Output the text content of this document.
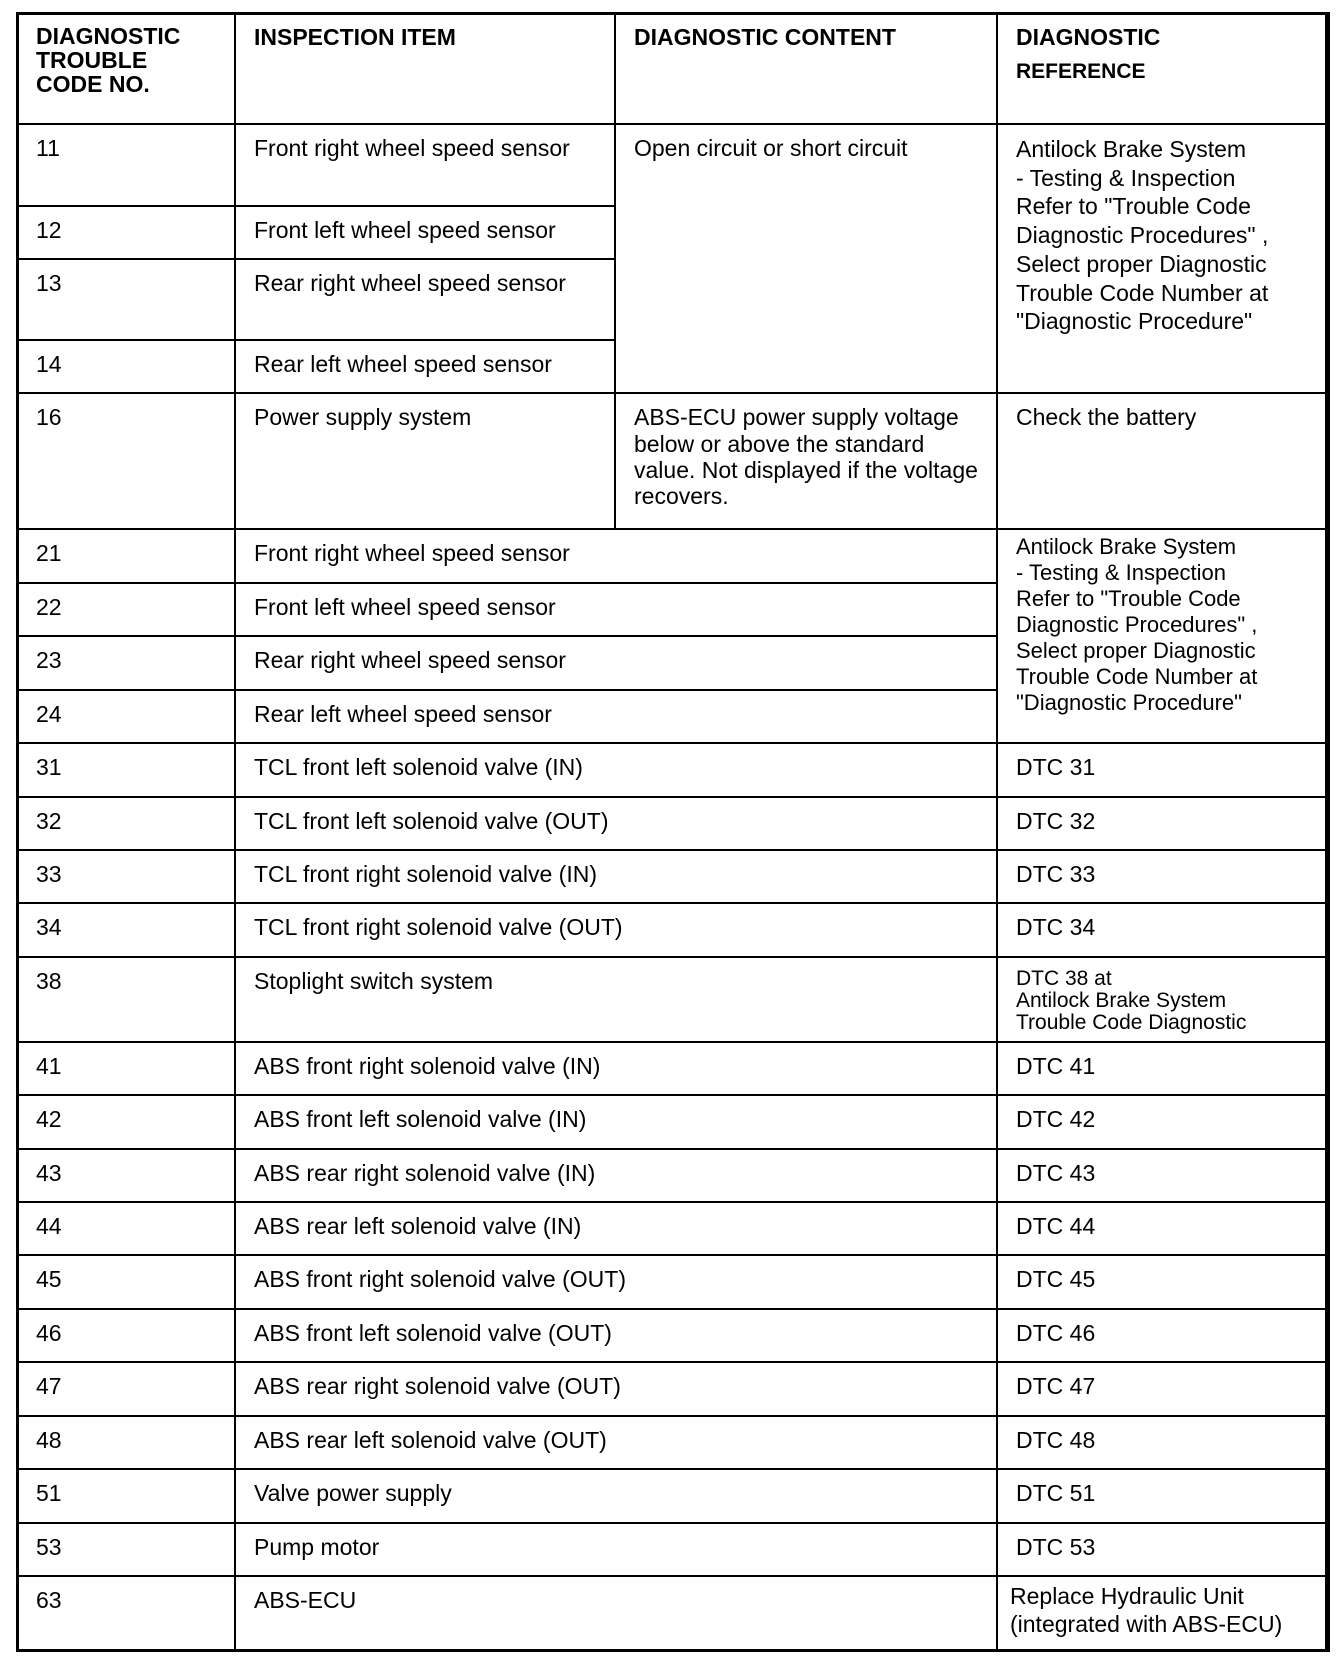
DIAGNOSTIC
TROUBLE
CODE NO.	INSPECTION ITEM	DIAGNOSTIC CONTENT	DIAGNOSTIC
REFERENCE

11	Front right wheel speed sensor	Open circuit or short circuit	Antilock Brake System
- Testing & Inspection
Refer to "Trouble Code Diagnostic Procedures" ,
Select proper Diagnostic Trouble Code Number at "Diagnostic Procedure"
12	Front left wheel speed sensor		
13	Rear right wheel speed sensor		
14	Rear left wheel speed sensor		
16	Power supply system	ABS-ECU power supply voltage below or above the standard value. Not displayed if the voltage recovers.	Check the battery
21	Front right wheel speed sensor		Antilock Brake System
- Testing & Inspection
Refer to "Trouble Code Diagnostic Procedures" ,
Select proper Diagnostic Trouble Code Number at "Diagnostic Procedure"
22	Front left wheel speed sensor		
23	Rear right wheel speed sensor		
24	Rear left wheel speed sensor		
31	TCL front left solenoid valve (IN)		DTC 31
32	TCL front left solenoid valve (OUT)		DTC 32
33	TCL front right solenoid valve (IN)		DTC 33
34	TCL front right solenoid valve (OUT)		DTC 34
38	Stoplight switch system		DTC 38 at
Antilock Brake System
Trouble Code Diagnostic
41	ABS front right solenoid valve (IN)		DTC 41
42	ABS front left solenoid valve (IN)		DTC 42
43	ABS rear right solenoid valve (IN)		DTC 43
44	ABS rear left solenoid valve (IN)		DTC 44
45	ABS front right solenoid valve (OUT)		DTC 45
46	ABS front left solenoid valve (OUT)		DTC 46
47	ABS rear right solenoid valve (OUT)		DTC 47
48	ABS rear left solenoid valve (OUT)		DTC 48
51	Valve power supply		DTC 51
53	Pump motor		DTC 53
63	ABS-ECU		Replace Hydraulic Unit
(integrated with ABS-ECU)
